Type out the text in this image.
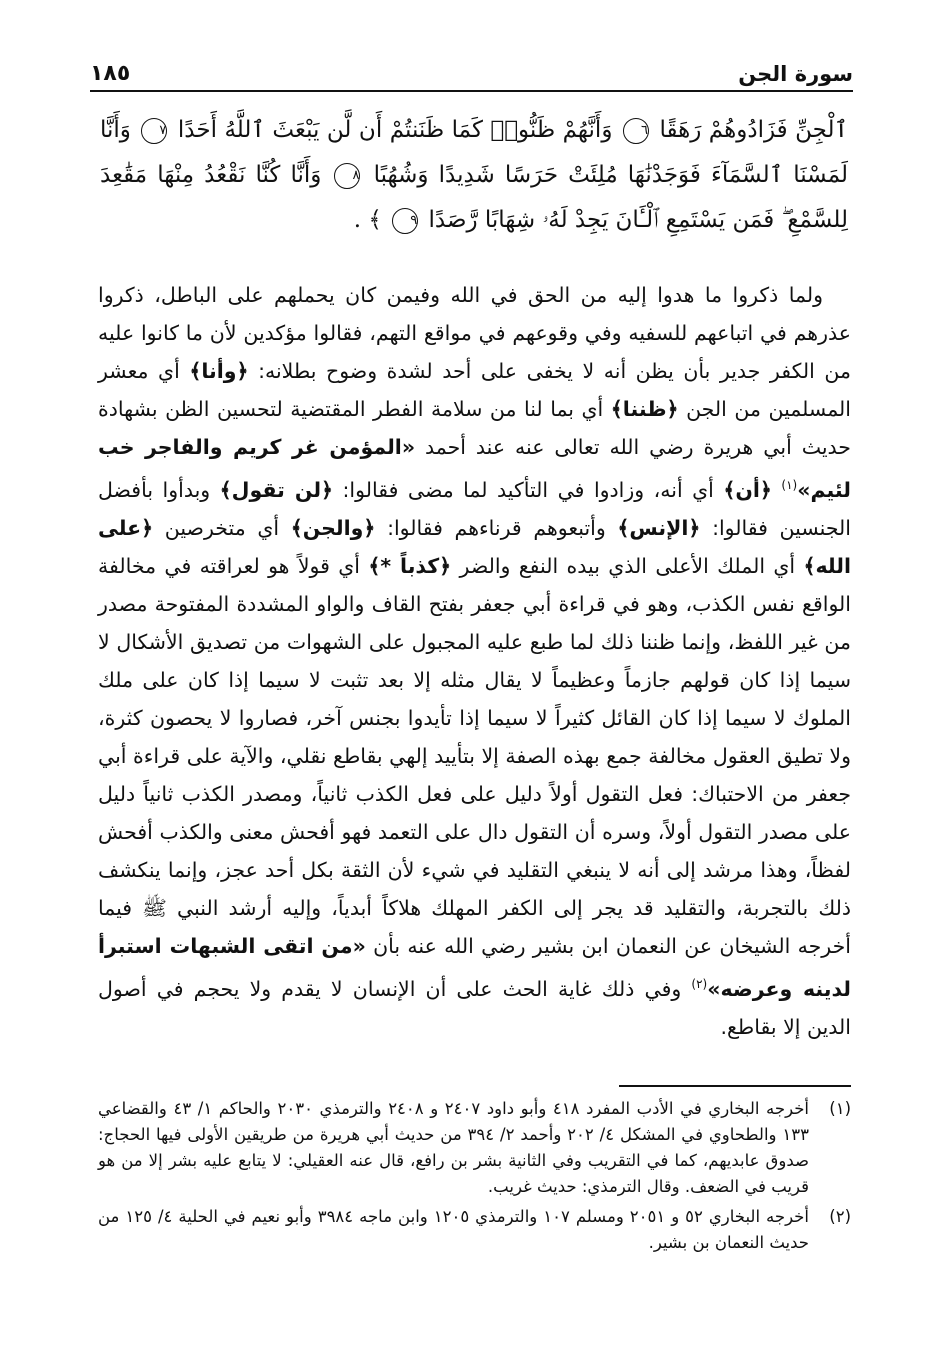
سورة الجن
١٨٥
ٱلْجِنِّ فَزَادُوهُمْ رَهَقًا ٦ وَأَنَّهُمْ ظَنُّوا۟ كَمَا ظَنَنتُمْ أَن لَّن يَبْعَثَ ٱللَّهُ أَحَدًا ٧ وَأَنَّا لَمَسْنَا ٱلسَّمَآءَ فَوَجَدْنَٰهَا مُلِئَتْ حَرَسًا شَدِيدًا وَشُهُبًا ٨ وَأَنَّا كُنَّا نَقْعُدُ مِنْهَا مَقَٰعِدَ لِلسَّمْعِ ۖ فَمَن يَسْتَمِعِ ٱلْـَٔانَ يَجِدْ لَهُۥ شِهَابًا رَّصَدًا ٩ ﴾ .

ولما ذكروا ما هدوا إليه من الحق في الله وفيمن كان يحملهم على الباطل، ذكروا عذرهم في اتباعهم للسفيه وفي وقوعهم في مواقع التهم، فقالوا مؤكدين لأن ما كانوا عليه من الكفر جدير بأن يظن أنه لا يخفى على أحد لشدة وضوح بطلانه: ﴿وأنا﴾ أي معشر المسلمين من الجن ﴿ظننا﴾ أي بما لنا من سلامة الفطر المقتضية لتحسين الظن بشهادة حديث أبي هريرة رضي الله تعالى عنه عند أحمد «المؤمن غر كريم والفاجر خب لئيم»$^{(١)}$ ﴿أن﴾ أي أنه، وزادوا في التأكيد لما مضى فقالوا: ﴿لن تقول﴾ وبدأوا بأفضل الجنسين فقالوا: ﴿الإنس﴾ وأتبعوهم قرناءهم فقالوا: ﴿والجن﴾ أي متخرصين ﴿على الله﴾ أي الملك الأعلى الذي بيده النفع والضر ﴿كذباً *﴾ أي قولاً هو لعراقته في مخالفة الواقع نفس الكذب، وهو في قراءة أبي جعفر بفتح القاف والواو المشددة المفتوحة مصدر من غير اللفظ، وإنما ظننا ذلك لما طبع عليه المجبول على الشهوات من تصديق الأشكال لا سيما إذا كان قولهم جازماً وعظيماً لا يقال مثله إلا بعد تثبت لا سيما إذا كان على ملك الملوك لا سيما إذا كان القائل كثيراً لا سيما إذا تأيدوا بجنس آخر، فصاروا لا يحصون كثرة، ولا تطيق العقول مخالفة جمع بهذه الصفة إلا بتأييد إلهي بقاطع نقلي، والآية على قراءة أبي جعفر من الاحتباك: فعل التقول أولاً دليل على فعل الكذب ثانياً، ومصدر الكذب ثانياً دليل على مصدر التقول أولاً، وسره أن التقول دال على التعمد فهو أفحش معنى والكذب أفحش لفظاً، وهذا مرشد إلى أنه لا ينبغي التقليد في شيء لأن الثقة بكل أحد عجز، وإنما ينكشف ذلك بالتجربة، والتقليد قد يجر إلى الكفر المهلك هلاكاً أبدياً، وإليه أرشد النبي ﷺ فيما أخرجه الشيخان عن النعمان ابن بشير رضي الله عنه بأن «من اتقى الشبهات استبرأ لدينه وعرضه»$^{(٢)}$ وفي ذلك غاية الحث على أن الإنسان لا يقدم ولا يحجم في أصول الدين إلا بقاطع.

(١)
أخرجه البخاري في الأدب المفرد ٤١٨ وأبو داود ٢٤٠٧ و ٢٤٠٨ والترمذي ٢٠٣٠ والحاكم ١/ ٤٣ والقضاعي ١٣٣ والطحاوي في المشكل ٤/ ٢٠٢ وأحمد ٢/ ٣٩٤ من حديث أبي هريرة من طريقين الأولى فيها الحجاج: صدوق عابديهم، كما في التقريب وفي الثانية بشر بن رافع، قال عنه العقيلي: لا يتابع عليه بشر إلا من هو قريب في الضعف. وقال الترمذي: حديث غريب.
(٢)
أخرجه البخاري ٥٢ و ٢٠٥١ ومسلم ١٠٧ والترمذي ١٢٠٥ وابن ماجه ٣٩٨٤ وأبو نعيم في الحلية ٤/ ١٢٥ من حديث النعمان بن بشير.
